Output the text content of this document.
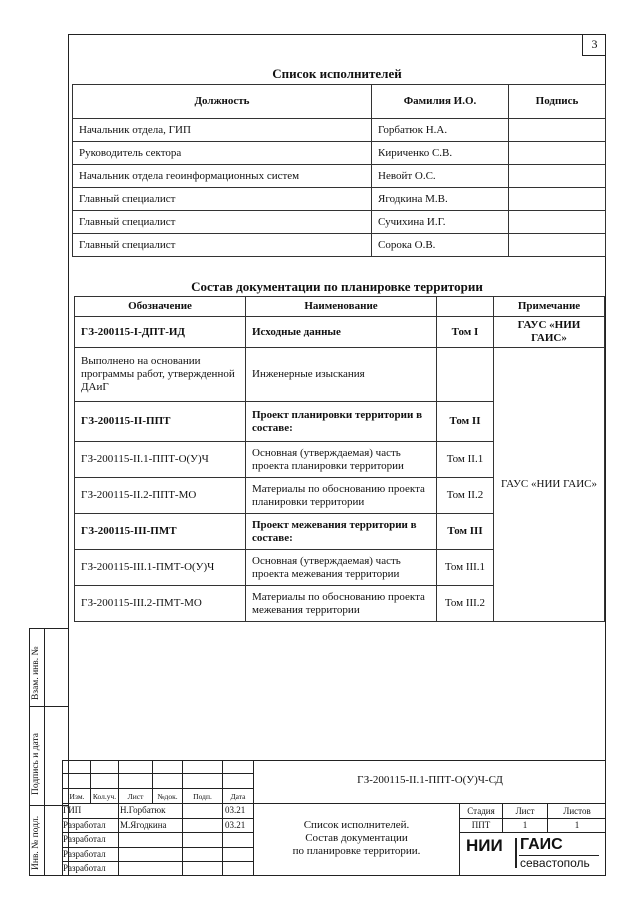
3
Список исполнителей
Должность	Фамилия И.О.	Подпись
Начальник отдела, ГИП	Горбатюк Н.А.	
Руководитель сектора	Кириченко С.В.	
Начальник отдела геоинформационных систем	Невойт О.С.	
Главный специалист	Ягодкина М.В.	
Главный специалист	Сучихина И.Г.	
Главный специалист	Сорока О.В.	
Состав документации по планировке территории
Обозначение	Наименование		Примечание
ГЗ-200115-I-ДПТ-ИД	Исходные данные	Том I	ГАУС «НИИ ГАИС»
Выполнено на основании программы работ, утвержденной ДАиГ	Инженерные изыскания		ГАУС «НИИ ГАИС»
ГЗ-200115-II-ППТ	Проект планировки территории в составе:	Том II	
ГЗ-200115-II.1-ППТ-О(У)Ч	Основная (утверждаемая) часть проекта планировки территории	Том II.1	
ГЗ-200115-II.2-ППТ-МО	Материалы по обоснованию проекта планировки территории	Том II.2	
ГЗ-200115-III-ПМТ	Проект межевания территории в составе:	Том III	
ГЗ-200115-III.1-ПМТ-О(У)Ч	Основная (утверждаемая) часть проекта межевания территории	Том III.1	
ГЗ-200115-III.2-ПМТ-МО	Материалы по обоснованию проекта межевания территории	Том III.2	
Взам. инв. №
Подпись и дата
Инв. № подл.
Изм.	Кол.уч.	Лист	№док.	Подп.	Дата
ГИП	Н.Горбатюк	03.21
Разработал М.Ягодкина	03.21
Разработал
Разработал
Разработал
ГЗ-200115-II.1-ППТ-О(У)Ч-СД
Список исполнителей.
Состав документации
по планировке территории.
Стадия	Лист	Листов
ППТ	1	1
НИИ ГАИС
севастополь
